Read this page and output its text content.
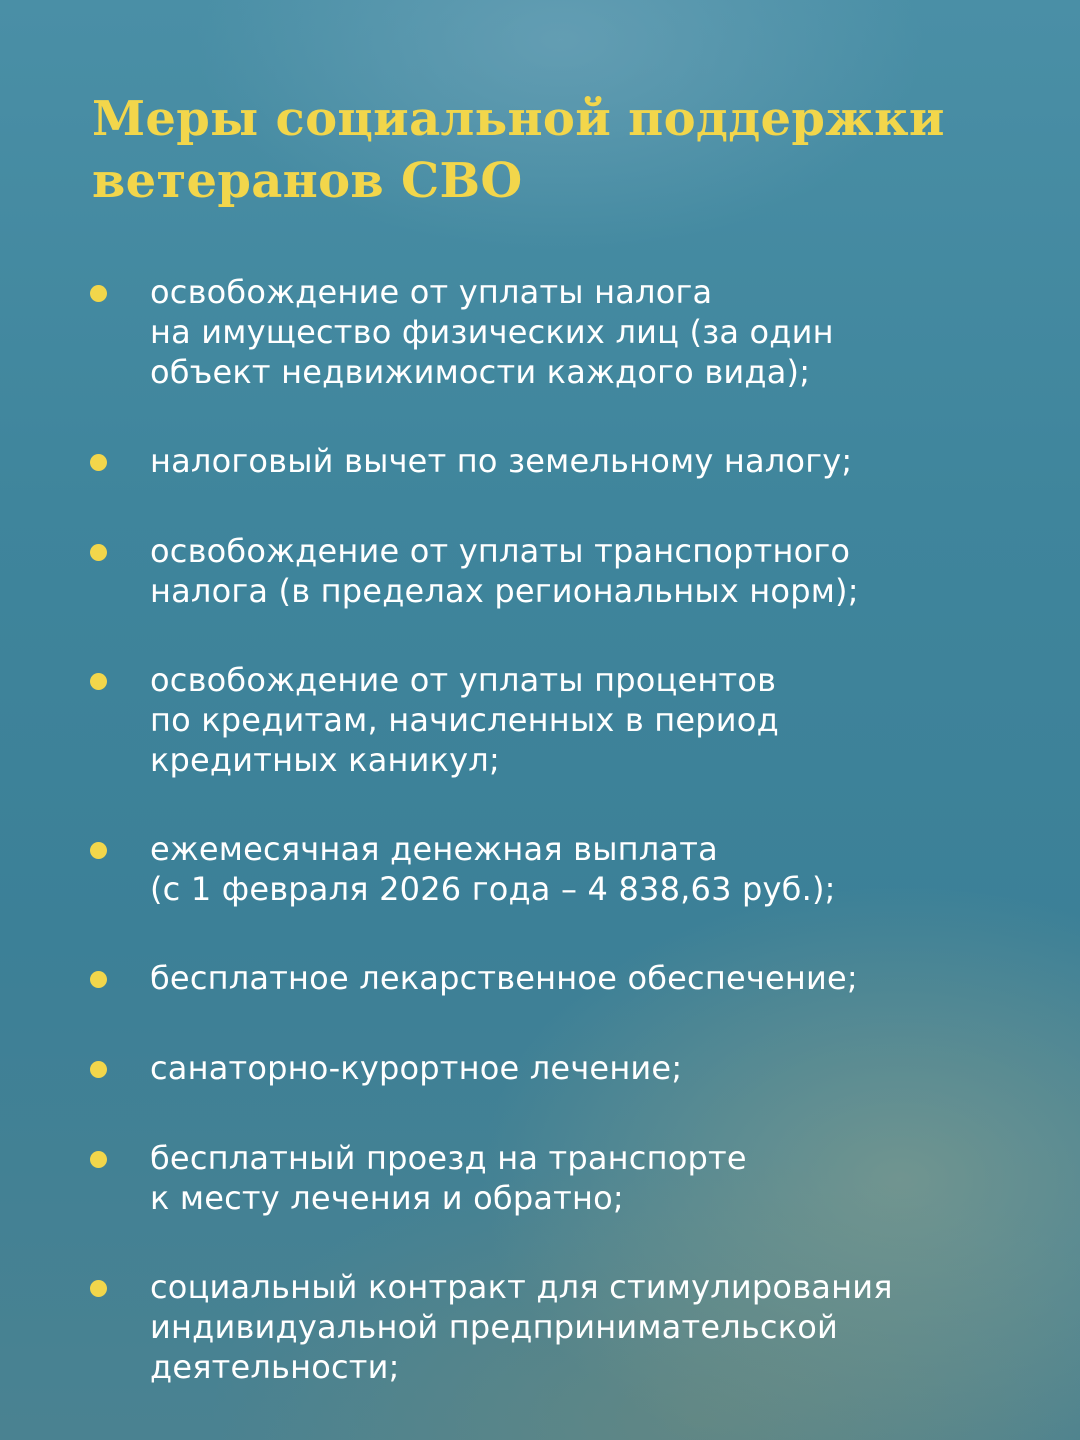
Меры социальной поддержки
ветеранов СВО
освобождение от уплаты налога
на имущество физических лиц (за один
объект недвижимости каждого вида);
налоговый вычет по земельному налогу;
освобождение от уплаты транспортного
налога (в пределах региональных норм);
освобождение от уплаты процентов
по кредитам, начисленных в период
кредитных каникул;
ежемесячная денежная выплата
(с 1 февраля 2026 года – 4 838,63 руб.);
бесплатное лекарственное обеспечение;
санаторно-курортное лечение;
бесплатный проезд на транспорте
к месту лечения и обратно;
социальный контракт для стимулирования
индивидуальной предпринимательской
деятельности;
